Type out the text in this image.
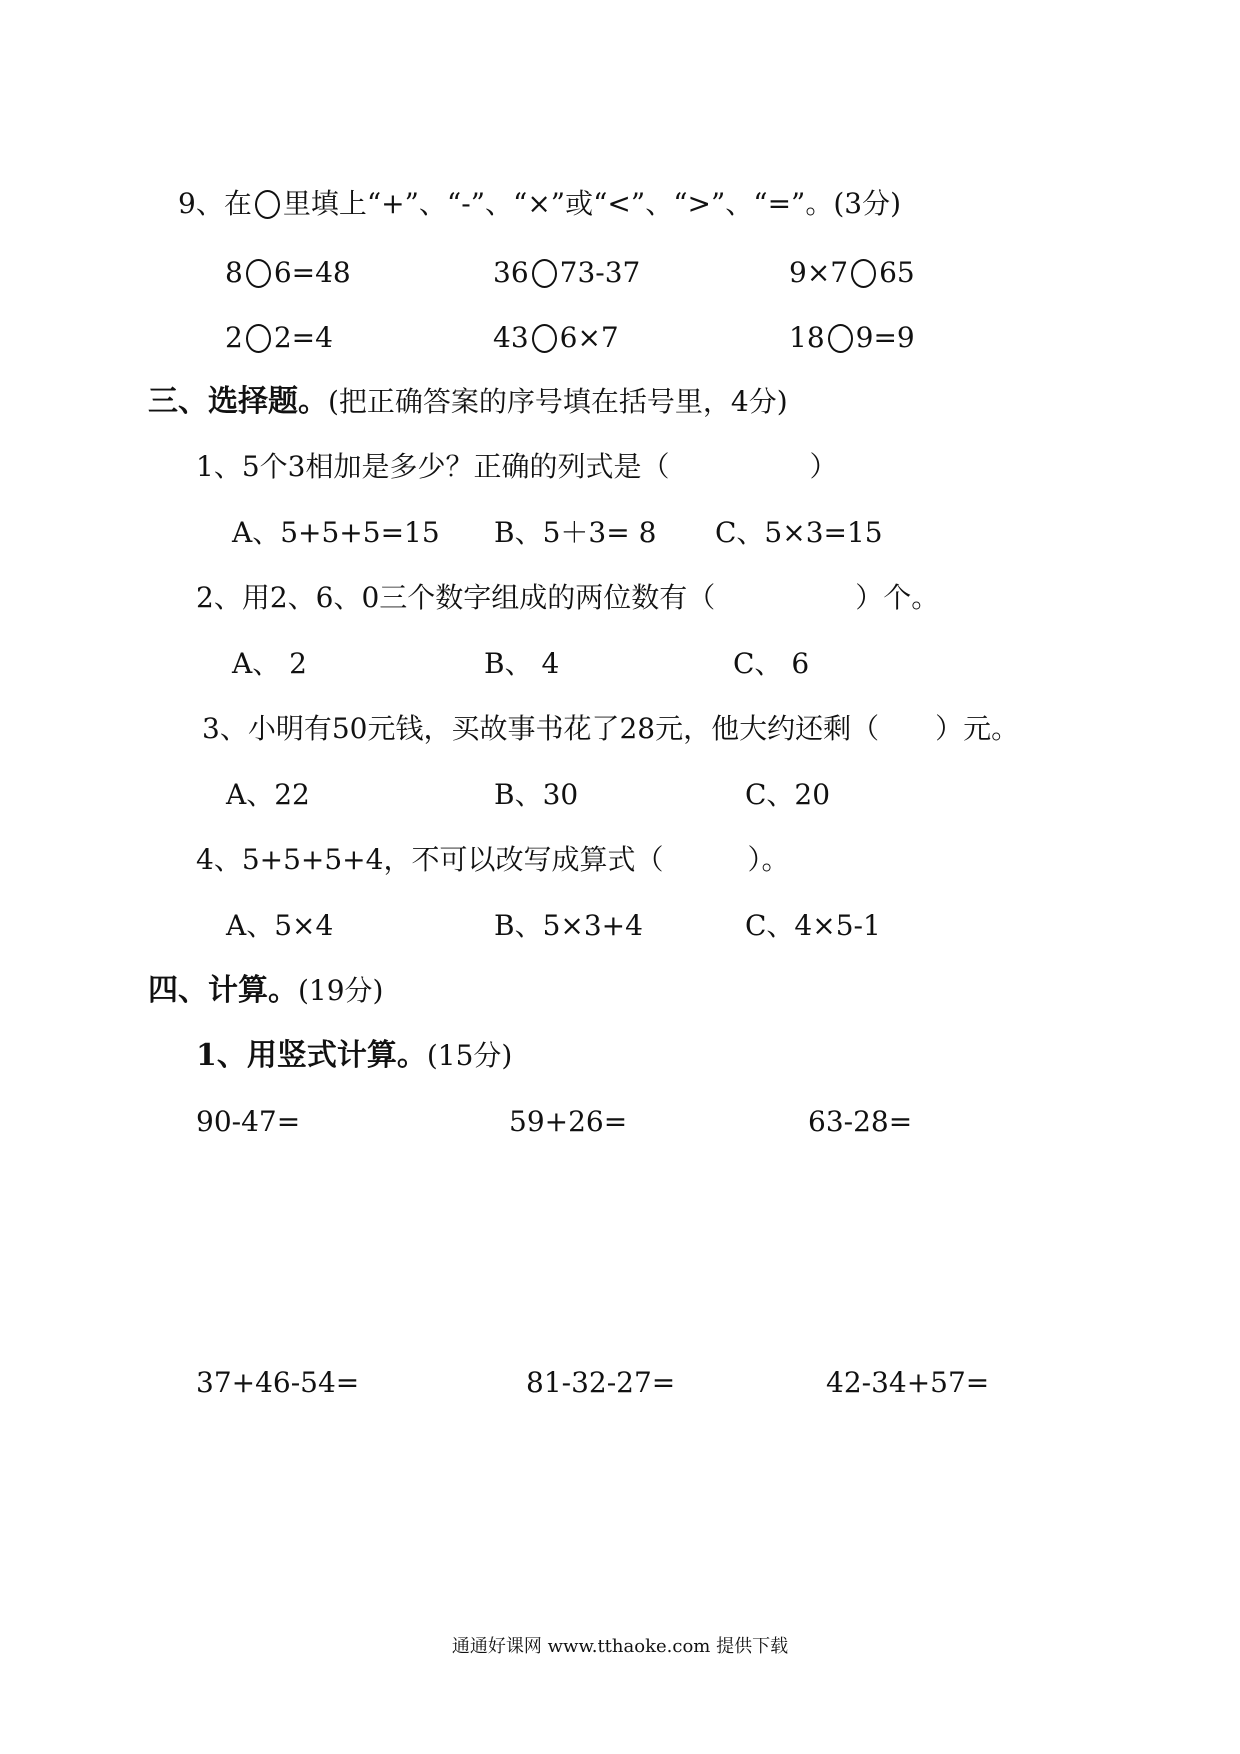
9、在 里填上“+”、“-”、“×”或“<”、“>”、“=”。(3分)
8 6=48	36 73-37	9×7 65
2 2=4	43 6×7	18 9=9
三、选择题。(把正确答案的序号填在括号里，4分)
1、5个3相加是多少？正确的列式是（　　　　　）
A、5+5+5=15 B、5＋3= 8 C、5×3=15
2、用2、6、0三个数字组成的两位数有（　　　　　）个。
A、 2	B、 4	C、 6
3、小明有50元钱，买故事书花了28元，他大约还剩（　　）元。
A、22	B、30	C、20
4、5+5+5+4，不可以改写成算式（　　　）。
A、5×4	B、5×3+4	C、4×5-1
四、计算。(19分)
1、用竖式计算。(15分)
90-47=	59+26=	63-28=
37+46-54=	81-32-27=	42-34+57=
通通好课网 www.tthaoke.com 提供下载
